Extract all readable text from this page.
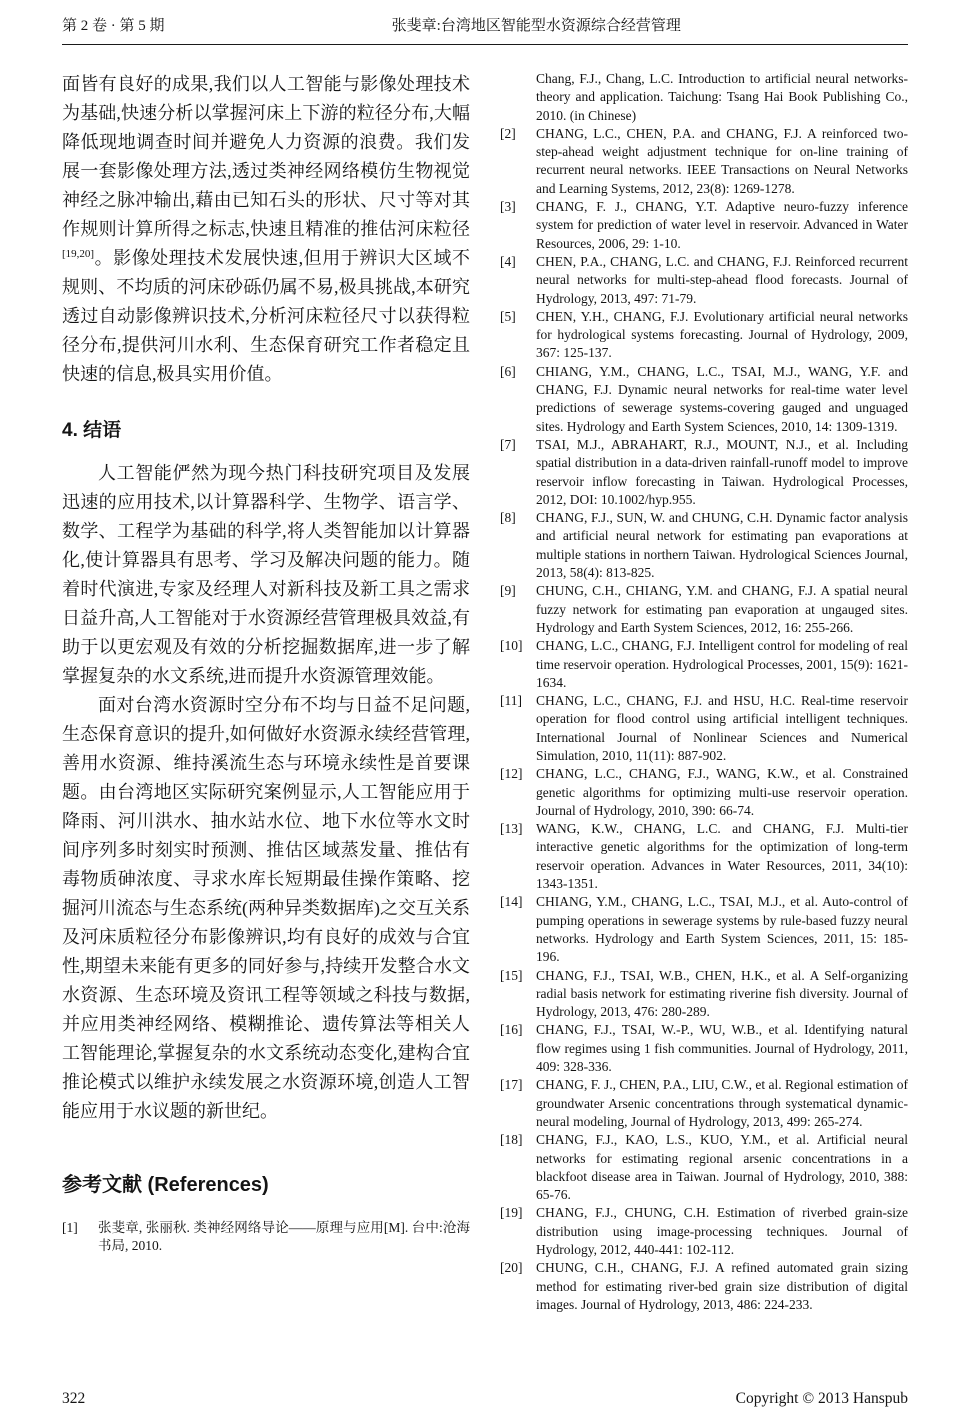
第 2 卷 · 第 5 期	张斐章:台湾地区智能型水资源综合经营管理

面皆有良好的成果,我们以人工智能与影像处理技术为基础,快速分析以掌握河床上下游的粒径分布,大幅降低现地调查时间并避免人力资源的浪费。我们发展一套影像处理方法,透过类神经网络模仿生物视觉神经之脉冲输出,藉由已知石头的形状、尺寸等对其作规则计算所得之标志,快速且精准的推估河床粒径[19,20]。影像处理技术发展快速,但用于辨识大区域不规则、不均质的河床砂砾仍属不易,极具挑战,本研究透过自动影像辨识技术,分析河床粒径尺寸以获得粒径分布,提供河川水利、生态保育研究工作者稳定且快速的信息,极具实用价值。

4. 结语

人工智能俨然为现今热门科技研究项目及发展迅速的应用技术,以计算器科学、生物学、语言学、数学、工程学为基础的科学,将人类智能加以计算器化,使计算器具有思考、学习及解决问题的能力。随着时代演进,专家及经理人对新科技及新工具之需求日益升高,人工智能对于水资源经营管理极具效益,有助于以更宏观及有效的分析挖掘数据库,进一步了解掌握复杂的水文系统,进而提升水资源管理效能。

面对台湾水资源时空分布不均与日益不足问题,生态保育意识的提升,如何做好水资源永续经营管理,善用水资源、维持溪流生态与环境永续性是首要课题。由台湾地区实际研究案例显示,人工智能应用于降雨、河川洪水、抽水站水位、地下水位等水文时间序列多时刻实时预测、推估区域蒸发量、推估有毒物质砷浓度、寻求水库长短期最佳操作策略、挖掘河川流态与生态系统(两种异类数据库)之交互关系及河床质粒径分布影像辨识,均有良好的成效与合宜性,期望未来能有更多的同好参与,持续开发整合水文水资源、生态环境及资讯工程等领域之科技与数据,并应用类神经网络、模糊推论、遗传算法等相关人工智能理论,掌握复杂的水文系统动态变化,建构合宜推论模式以维护永续发展之水资源环境,创造人工智能应用于水议题的新世纪。

参考文献 (References)
[1]	张斐章, 张丽秋. 类神经网络导论——原理与应用[M]. 台中:沧海书局, 2010.
Chang, F.J., Chang, L.C. Introduction to artificial neural networks-theory and application. Taichung: Tsang Hai Book Publishing Co., 2010. (in Chinese)
[2]	CHANG, L.C., CHEN, P.A. and CHANG, F.J. A reinforced two-step-ahead weight adjustment technique for on-line training of recurrent neural networks. IEEE Transactions on Neural Networks and Learning Systems, 2012, 23(8): 1269-1278.
[3]	CHANG, F. J., CHANG, Y.T. Adaptive neuro-fuzzy inference system for prediction of water level in reservoir. Advanced in Water Resources, 2006, 29: 1-10.
[4]	CHEN, P.A., CHANG, L.C. and CHANG, F.J. Reinforced recurrent neural networks for multi-step-ahead flood forecasts. Journal of Hydrology, 2013, 497: 71-79.
[5]	CHEN, Y.H., CHANG, F.J. Evolutionary artificial neural networks for hydrological systems forecasting. Journal of Hydrology, 2009, 367: 125-137.
[6]	CHIANG, Y.M., CHANG, L.C., TSAI, M.J., WANG, Y.F. and CHANG, F.J. Dynamic neural networks for real-time water level predictions of sewerage systems-covering gauged and unguaged sites. Hydrology and Earth System Sciences, 2010, 14: 1309-1319.
[7]	TSAI, M.J., ABRAHART, R.J., MOUNT, N.J., et al. Including spatial distribution in a data-driven rainfall-runoff model to improve reservoir inflow forecasting in Taiwan. Hydrological Processes, 2012, DOI: 10.1002/hyp.955.
[8]	CHANG, F.J., SUN, W. and CHUNG, C.H. Dynamic factor analysis and artificial neural network for estimating pan evaporations at multiple stations in northern Taiwan. Hydrological Sciences Journal, 2013, 58(4): 813-825.
[9]	CHUNG, C.H., CHIANG, Y.M. and CHANG, F.J. A spatial neural fuzzy network for estimating pan evaporation at ungauged sites. Hydrology and Earth System Sciences, 2012, 16: 255-266.
[10]	CHANG, L.C., CHANG, F.J. Intelligent control for modeling of real time reservoir operation. Hydrological Processes, 2001, 15(9): 1621-1634.
[11]	CHANG, L.C., CHANG, F.J. and HSU, H.C. Real-time reservoir operation for flood control using artificial intelligent techniques. International Journal of Nonlinear Sciences and Numerical Simulation, 2010, 11(11): 887-902.
[12]	CHANG, L.C., CHANG, F.J., WANG, K.W., et al. Constrained genetic algorithms for optimizing multi-use reservoir operation. Journal of Hydrology, 2010, 390: 66-74.
[13]	WANG, K.W., CHANG, L.C. and CHANG, F.J. Multi-tier interactive genetic algorithms for the optimization of long-term reservoir operation. Advances in Water Resources, 2011, 34(10): 1343-1351.
[14]	CHIANG, Y.M., CHANG, L.C., TSAI, M.J., et al. Auto-control of pumping operations in sewerage systems by rule-based fuzzy neural networks. Hydrology and Earth System Sciences, 2011, 15: 185-196.
[15]	CHANG, F.J., TSAI, W.B., CHEN, H.K., et al. A Self-organizing radial basis network for estimating riverine fish diversity. Journal of Hydrology, 2013, 476: 280-289.
[16]	CHANG, F.J., TSAI, W.-P., WU, W.B., et al. Identifying natural flow regimes using 1 fish communities. Journal of Hydrology, 2011, 409: 328-336.
[17]	CHANG, F. J., CHEN, P.A., LIU, C.W., et al. Regional estimation of groundwater Arsenic concentrations through systematical dynamic-neural modeling, Journal of Hydrology, 2013, 499: 265-274.
[18]	CHANG, F.J., KAO, L.S., KUO, Y.M., et al. Artificial neural networks for estimating regional arsenic concentrations in a blackfoot disease area in Taiwan. Journal of Hydrology, 2010, 388: 65-76.
[19]	CHANG, F.J., CHUNG, C.H. Estimation of riverbed grain-size distribution using image-processing techniques. Journal of Hydrology, 2012, 440-441: 102-112.
[20]	CHUNG, C.H., CHANG, F.J. A refined automated grain sizing method for estimating river-bed grain size distribution of digital images. Journal of Hydrology, 2013, 486: 224-233.
322	Copyright © 2013 Hanspub
